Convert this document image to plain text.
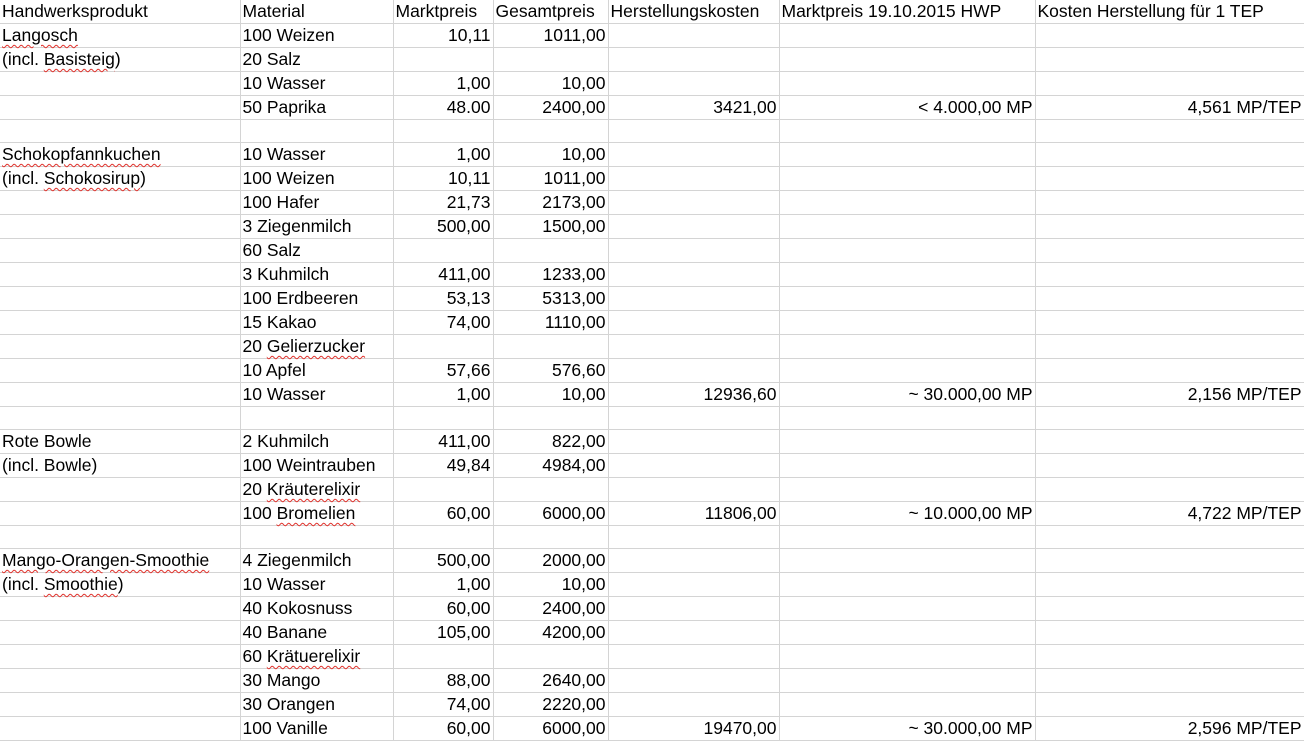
Handwerksprodukt	Material	Marktpreis	Gesamtpreis	Herstellungskosten	Marktpreis 19.10.2015 HWP	Kosten Herstellung für 1 TEP
Langosch	100 Weizen	10,11	1011,00			
(incl. Basisteig)	20 Salz					
	10 Wasser	1,00	10,00			
	50 Paprika	48.00	2400,00	3421,00	< 4.000,00 MP	4,561 MP/TEP

Schokopfannkuchen	10 Wasser	1,00	10,00			
(incl. Schokosirup)	100 Weizen	10,11	1011,00			
	100 Hafer	21,73	2173,00			
	3 Ziegenmilch	500,00	1500,00			
	60 Salz					
	3 Kuhmilch	411,00	1233,00			
	100 Erdbeeren	53,13	5313,00			
	15 Kakao	74,00	1110,00			
	20 Gelierzucker					
	10 Apfel	57,66	576,60			
	10 Wasser	1,00	10,00	12936,60	~ 30.000,00 MP	2,156 MP/TEP

Rote Bowle	2 Kuhmilch	411,00	822,00			
(incl. Bowle)	100 Weintrauben	49,84	4984,00			
	20 Kräuterelixir					
	100 Bromelien	60,00	6000,00	11806,00	~ 10.000,00 MP	4,722 MP/TEP

Mango-Orangen-Smoothie	4 Ziegenmilch	500,00	2000,00			
(incl. Smoothie)	10 Wasser	1,00	10,00			
	40 Kokosnuss	60,00	2400,00			
	40 Banane	105,00	4200,00			
	60 Krätuerelixir					
	30 Mango	88,00	2640,00			
	30 Orangen	74,00	2220,00			
	100 Vanille	60,00	6000,00	19470,00	~ 30.000,00 MP	2,596 MP/TEP
